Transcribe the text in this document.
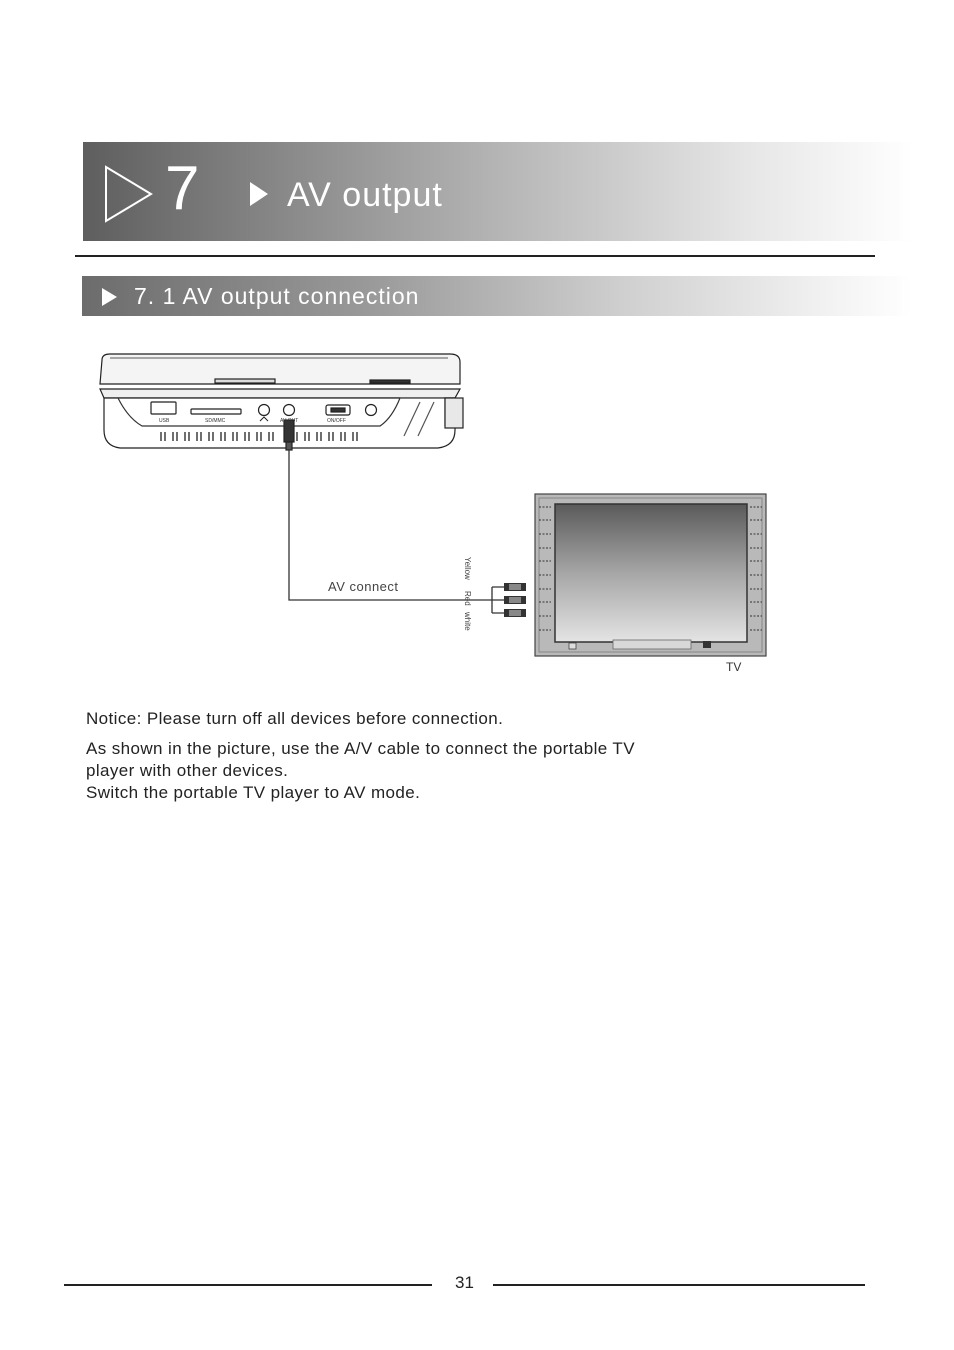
7	AV output
7. 1 AV output connection
USB	SD/MMC	AV OUT	ON/OFF
AV connect
Yellow
Red
white
TV
Notice: Please turn off all devices before connection.
As shown in the picture, use the A/V cable to connect the portable TV
player with other devices.
Switch the portable TV player to AV mode.
31
